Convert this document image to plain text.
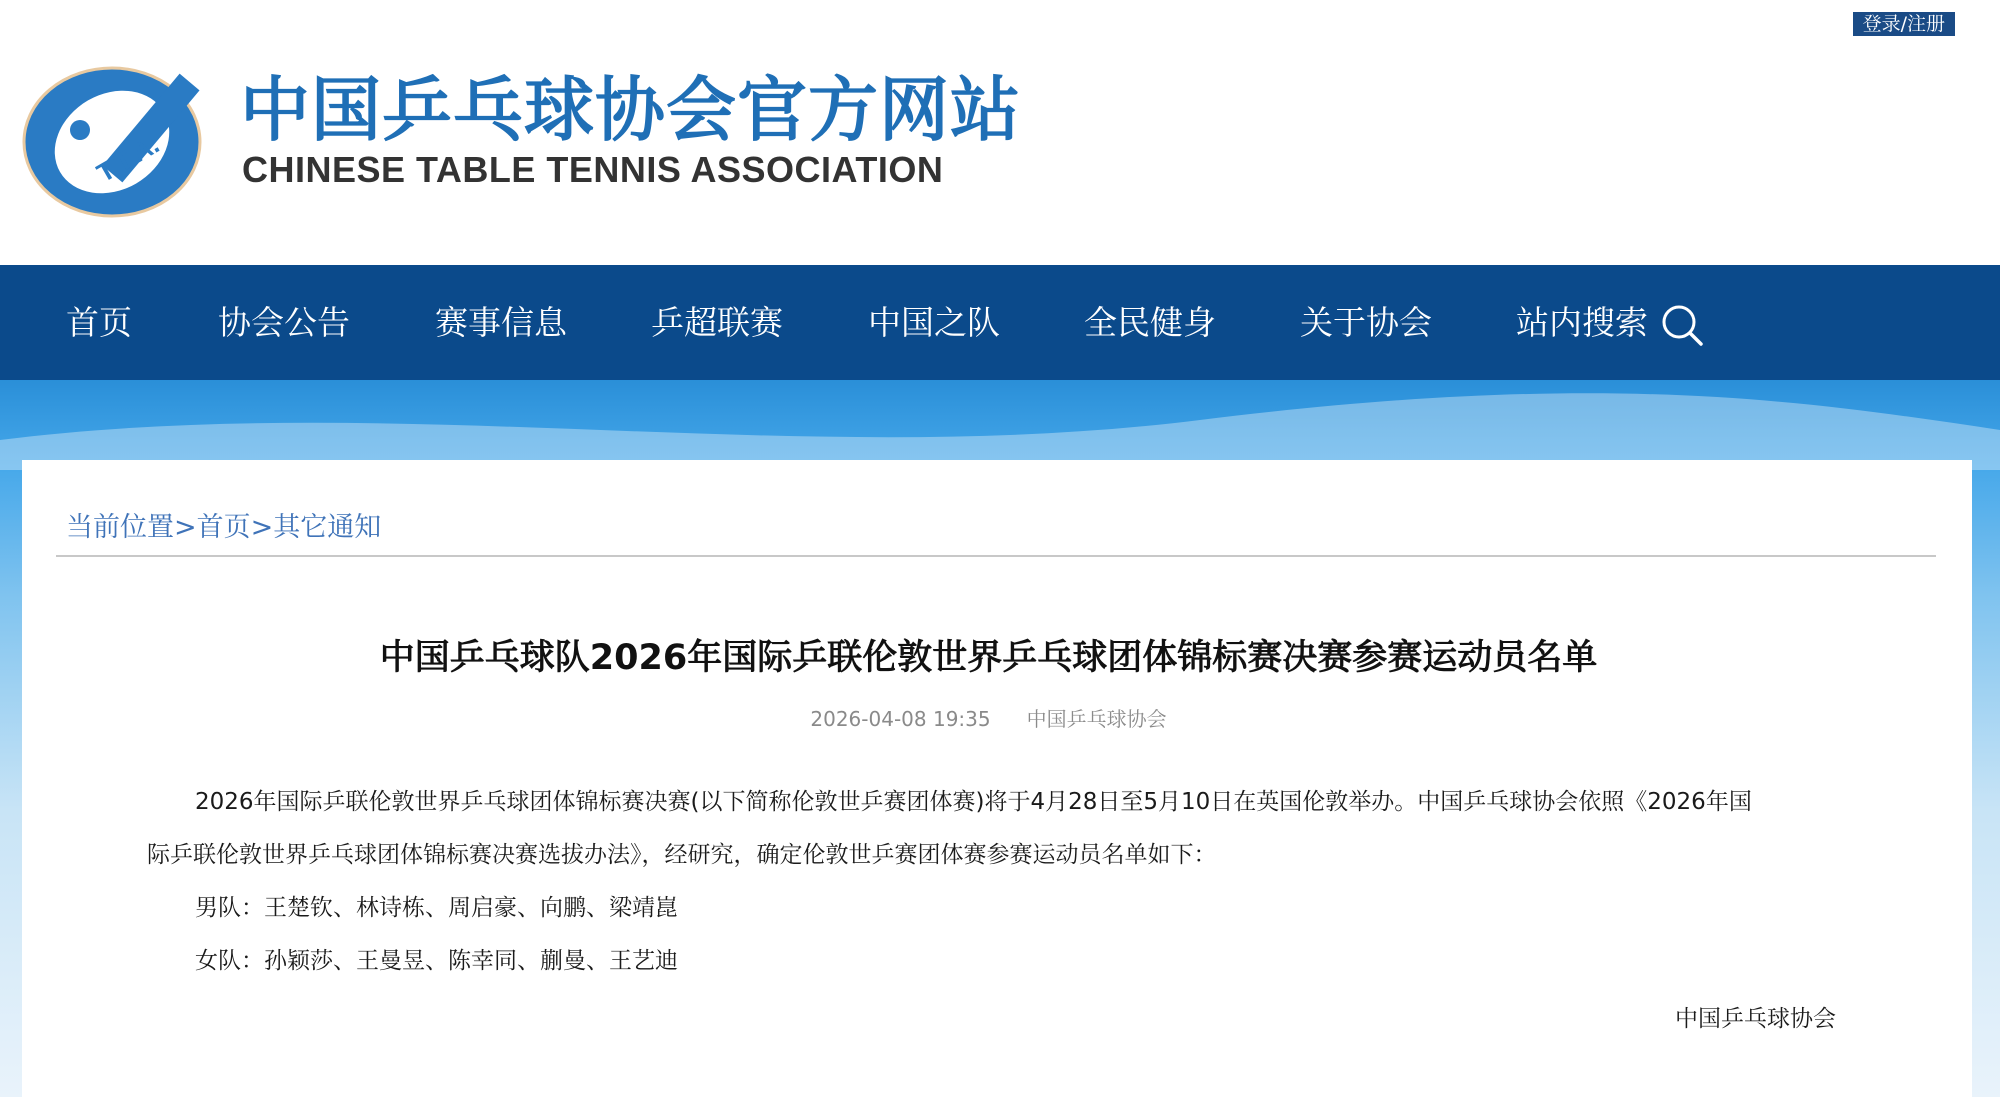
登录/注册
T.T.A.
中国乒乓球协会官方网站
CHINESE TABLE TENNIS ASSOCIATION
首页	协会公告	赛事信息	乒超联赛	中国之队	全民健身	关于协会	站内搜索
当前位置>首页>其它通知
中国乒乓球队2026年国际乒联伦敦世界乒乓球团体锦标赛决赛参赛运动员名单
2026-04-08 19:35 中国乒乓球协会
2026年国际乒联伦敦世界乒乓球团体锦标赛决赛(以下简称伦敦世乒赛团体赛)将于4月28日至5月10日在英国伦敦举办。中国乒乓球协会依照《2026年国
际乒联伦敦世界乒乓球团体锦标赛决赛选拔办法》，经研究，确定伦敦世乒赛团体赛参赛运动员名单如下：
男队：王楚钦、林诗栋、周启豪、向鹏、梁靖崑
女队：孙颖莎、王曼昱、陈幸同、蒯曼、王艺迪
中国乒乓球协会
